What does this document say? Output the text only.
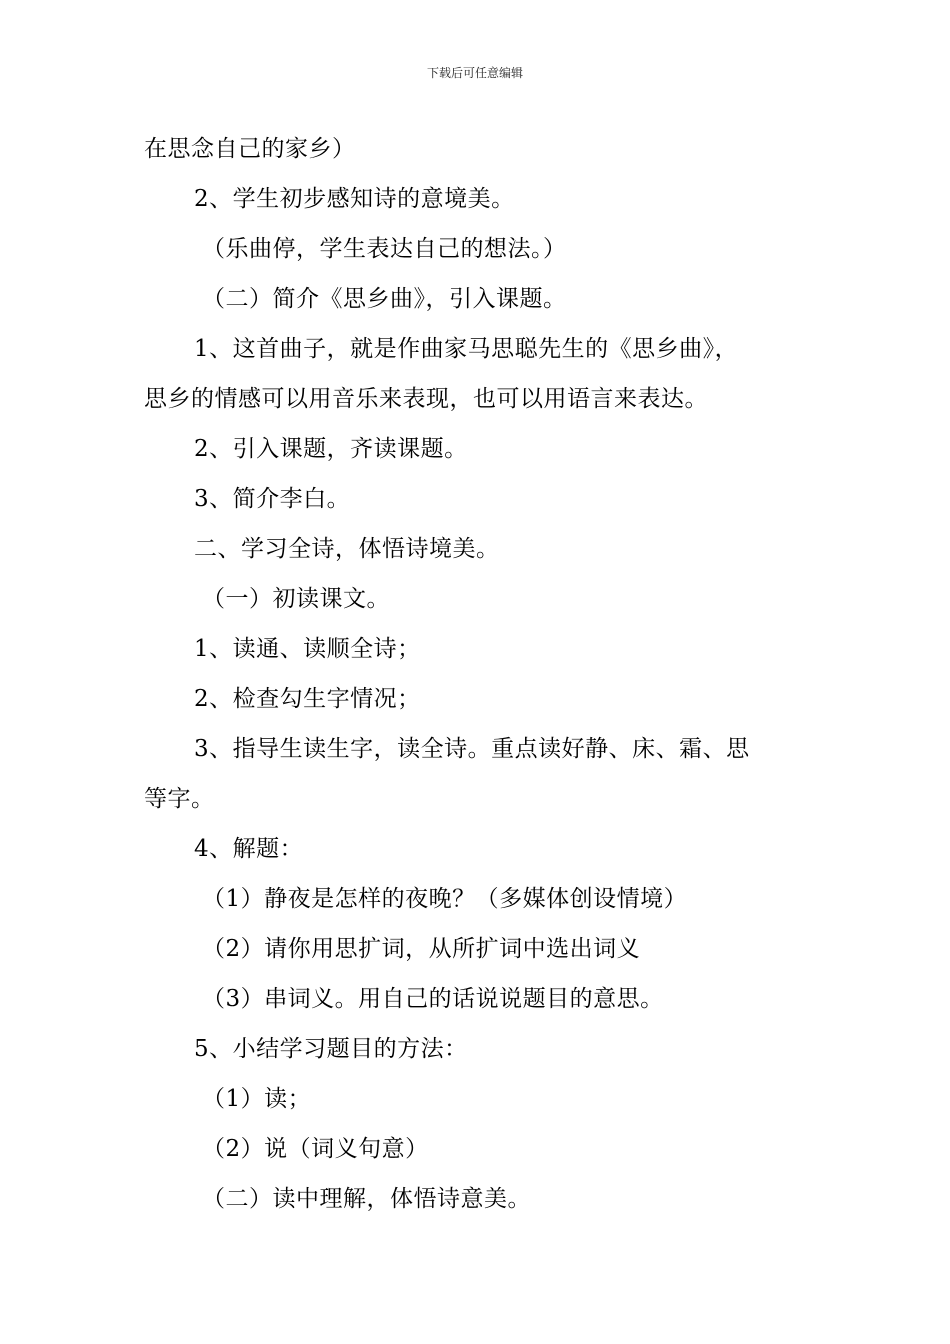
下载后可任意编辑

在思念自己的家乡）

2、学生初步感知诗的意境美。

（乐曲停，学生表达自己的想法。）

（二）简介《思乡曲》，引入课题。

1、这首曲子，就是作曲家马思聪先生的《思乡曲》，

思乡的情感可以用音乐来表现，也可以用语言来表达。

2、引入课题，齐读课题。

3、简介李白。

二、学习全诗，体悟诗境美。

（一）初读课文。

1、读通、读顺全诗；

2、检查勾生字情况；

3、指导生读生字，读全诗。重点读好静、床、霜、思

等字。

4、解题：

（1）静夜是怎样的夜晚？（多媒体创设情境）

（2）请你用思扩词，从所扩词中选出词义

（3）串词义。用自己的话说说题目的意思。

5、小结学习题目的方法：

（1）读；

（2）说（词义句意）

（二）读中理解，体悟诗意美。
